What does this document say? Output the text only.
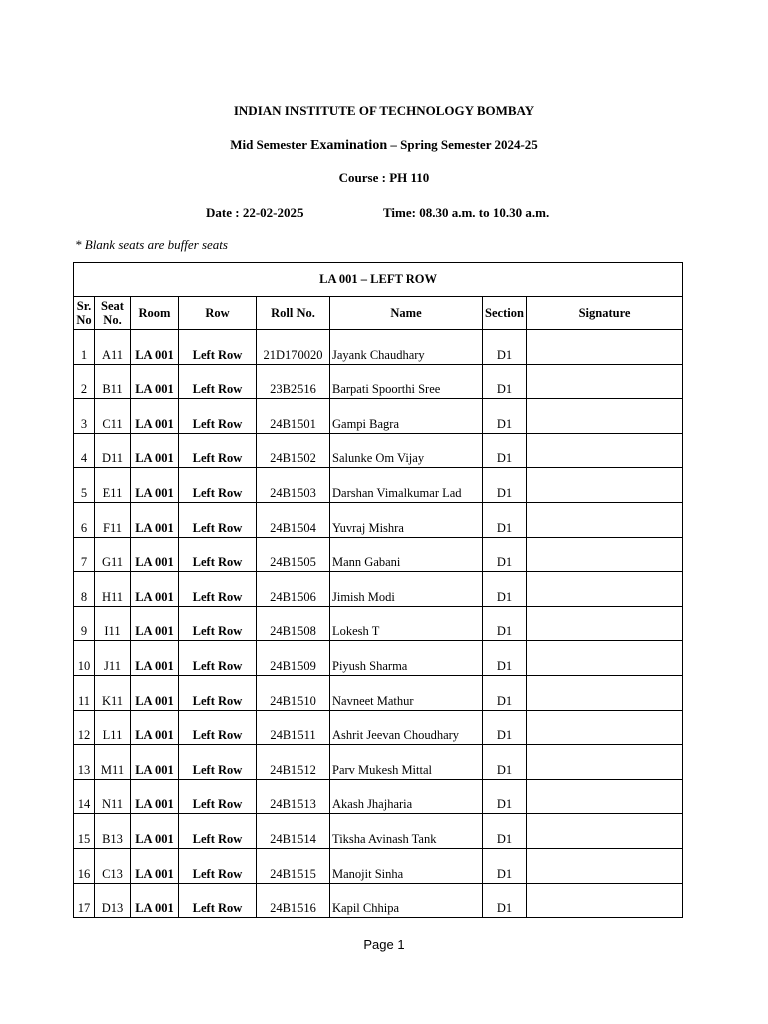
INDIAN INSTITUTE OF TECHNOLOGY BOMBAY
Mid Semester Examination – Spring Semester 2024-25
Course : PH 110
Date : 22-02-2025	Time: 08.30 a.m. to 10.30 a.m.
* Blank seats are buffer seats
LA 001 – LEFT ROW							
Sr. No	Seat No.	Room	Row	Roll No.	Name	Section	Signature
1	A11	LA 001	Left Row	21D170020	Jayank Chaudhary	D1	
2	B11	LA 001	Left Row	23B2516	Barpati Spoorthi Sree	D1	
3	C11	LA 001	Left Row	24B1501	Gampi Bagra	D1	
4	D11	LA 001	Left Row	24B1502	Salunke Om Vijay	D1	
5	E11	LA 001	Left Row	24B1503	Darshan Vimalkumar Lad	D1	
6	F11	LA 001	Left Row	24B1504	Yuvraj Mishra	D1	
7	G11	LA 001	Left Row	24B1505	Mann Gabani	D1	
8	H11	LA 001	Left Row	24B1506	Jimish Modi	D1	
9	I11	LA 001	Left Row	24B1508	Lokesh T	D1	
10	J11	LA 001	Left Row	24B1509	Piyush Sharma	D1	
11	K11	LA 001	Left Row	24B1510	Navneet Mathur	D1	
12	L11	LA 001	Left Row	24B1511	Ashrit Jeevan Choudhary	D1	
13	M11	LA 001	Left Row	24B1512	Parv Mukesh Mittal	D1	
14	N11	LA 001	Left Row	24B1513	Akash Jhajharia	D1	
15	B13	LA 001	Left Row	24B1514	Tiksha Avinash Tank	D1	
16	C13	LA 001	Left Row	24B1515	Manojit Sinha	D1	
17	D13	LA 001	Left Row	24B1516	Kapil Chhipa	D1	
Page 1
